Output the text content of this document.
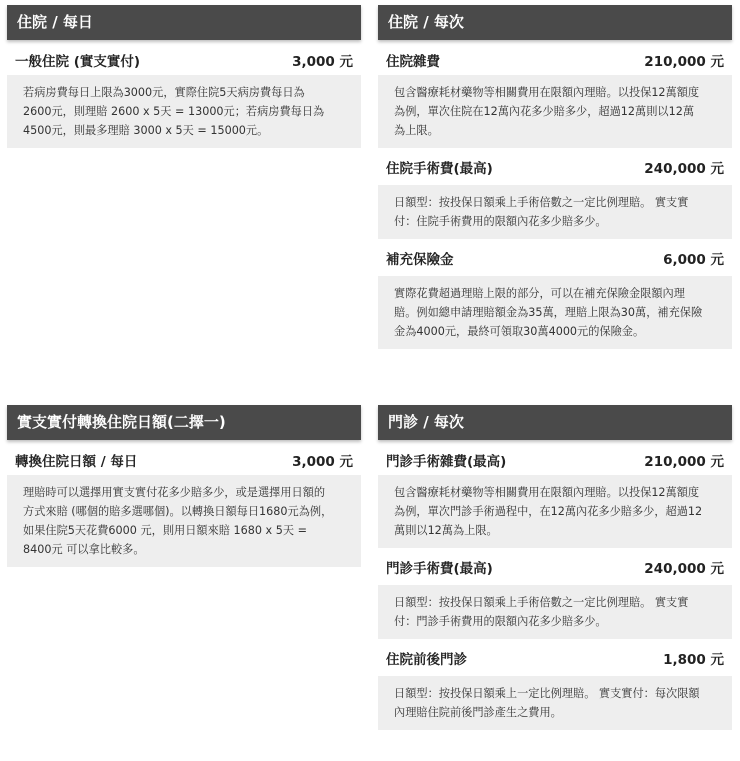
住院 / 每日
一般住院 (實支實付)	3,000 元
若病房費每日上限為3000元，實際住院5天病房費每日為2600元，則理賠 2600 x 5天 = 13000元；若病房費每日為4500元，則最多理賠 3000 x 5天 = 15000元。
住院 / 每次
住院雜費	210,000 元
包含醫療耗材藥物等相關費用在限額內理賠。以投保12萬額度為例，單次住院在12萬內花多少賠多少，超過12萬則以12萬為上限。
住院手術費(最高)	240,000 元
日額型：按投保日額乘上手術倍數之一定比例理賠。 實支實付：住院手術費用的限額內花多少賠多少。
補充保險金	6,000 元
實際花費超過理賠上限的部分，可以在補充保險金限額內理賠。例如總申請理賠額金為35萬，理賠上限為30萬，補充保險金為4000元，最終可領取30萬4000元的保險金。
實支實付轉換住院日額(二擇一)
轉換住院日額 / 每日	3,000 元
理賠時可以選擇用實支實付花多少賠多少，或是選擇用日額的方式來賠 (哪個的賠多選哪個)。以轉換日額每日1680元為例，如果住院5天花費6000 元，則用日額來賠 1680 x 5天 = 8400元 可以拿比較多。
門診 / 每次
門診手術雜費(最高)	210,000 元
包含醫療耗材藥物等相關費用在限額內理賠。以投保12萬額度為例，單次門診手術過程中，在12萬內花多少賠多少，超過12萬則以12萬為上限。
門診手術費(最高)	240,000 元
日額型：按投保日額乘上手術倍數之一定比例理賠。 實支實付：門診手術費用的限額內花多少賠多少。
住院前後門診	1,800 元
日額型：按投保日額乘上一定比例理賠。 實支實付：每次限額內理賠住院前後門診產生之費用。
